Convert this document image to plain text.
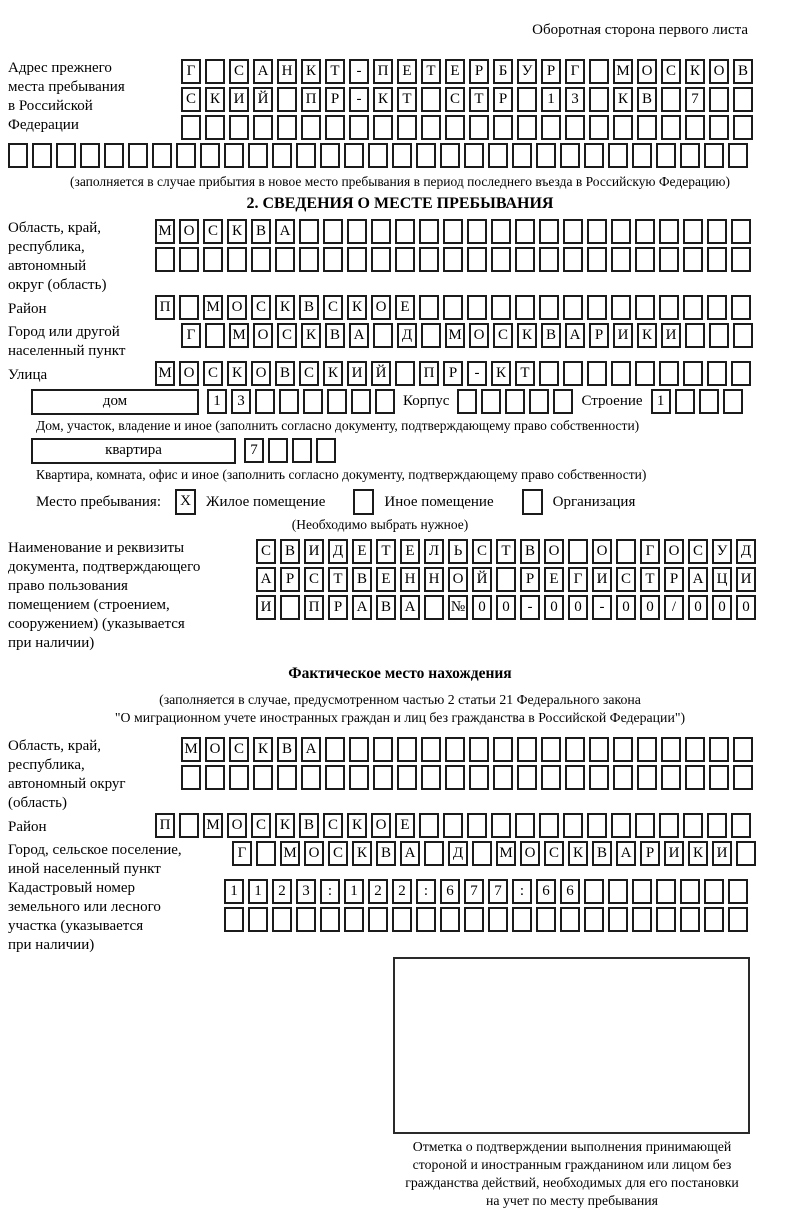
Оборотная сторона первого листа
Адрес прежнего
места пребывания
в Российской
Федерации
Г	С А Н К Т - П Е Т Е Р Б У Р Г М О С К О В
С К И Й П Р - К Т	С Т Р	1 3	К В	7
(заполняется в случае прибытия в новое место пребывания в период последнего въезда в Российскую Федерацию)
2. СВЕДЕНИЯ О МЕСТЕ ПРЕБЫВАНИЯ
Область, край,
республика,
автономный
округ (область)
М О С К В А
Район	П М О С К В С К О Е
Город или другой
населенный пункт
Г М О С К В А Д М О С К В А Р И К И
Улица	М О С К О В С К И Й П Р - К Т
дом	1 3	Корпус	Строение 1
Дом, участок, владение и иное (заполнить согласно документу, подтверждающему право собственности)
квартира	7
Квартира, комната, офис и иное (заполнить согласно документу, подтверждающему право собственности)
Место пребывания:	X	Жилое помещение	Иное помещение	Организация
(Необходимо выбрать нужное)
Наименование и реквизиты
документа, подтверждающего
право пользования
помещением (строением,
сооружением) (указывается
при наличии)
С В И Д Е Т Е Л Ь С Т В О О	Г О С У Д
А Р С Т В Е Н Н О Й	Р Е Г И С Т Р А Ц И
И П Р А В А № 0 0 - 0 0 - 0 0 / 0 0 0
Фактическое место нахождения
(заполняется в случае, предусмотренном частью 2 статьи 21 Федерального закона
"О миграционном учете иностранных граждан и лиц без гражданства в Российской Федерации")
Область, край,
республика,
автономный округ
(область)
М О С К В А
Район	П М О С К В С К О Е
Город, сельское поселение,
иной населенный пункт
Г М О С К В А Д М О С К В А Р И К И
Кадастровый номер
земельного или лесного
участка (указывается
при наличии)
1 1 2 3 : 1 2 2 : 6 7 7 : 6 6
Отметка о подтверждении выполнения принимающей
стороной и иностранным гражданином или лицом без
гражданства действий, необходимых для его постановки
на учет по месту пребывания
